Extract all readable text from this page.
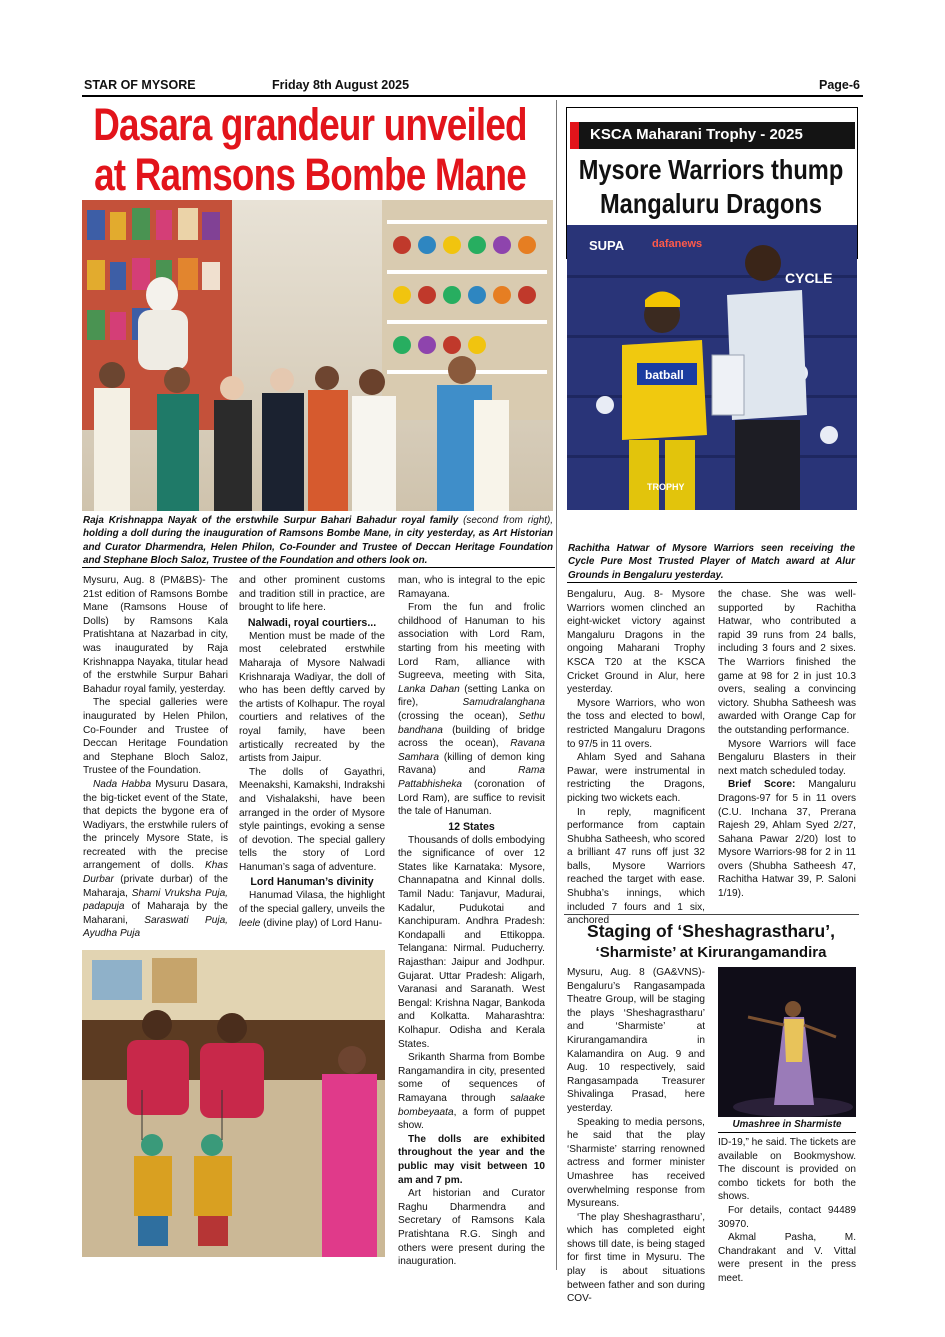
STAR OF MYSORE	Friday 8th August 2025	Page-6
Dasara grandeur unveiled
at Ramsons Bombe Mane
Raja Krishnappa Nayak of the erstwhile Surpur Bahari Bahadur royal family (second from right), holding a doll during the inauguration of Ramsons Bombe Mane, in city yesterday, as Art Historian and Curator Dharmendra, Helen Philon, Co-Founder and Trustee of Deccan Heritage Foundation and Stephane Bloch Saloz, Trustee of the Foundation and others look on.

Mysuru, Aug. 8 (PM&BS)- The 21st edition of Ramsons Bombe Mane (Ramsons House of Dolls) by Ramsons Kala Pratishtana at Nazarbad in city, was inaugurated by Raja Krishnappa Nayaka, titular head of the erstwhile Surpur Bahari Bahadur royal family, yesterday.

The special galleries were inaugurated by Helen Philon, Co-Founder and Trustee of Deccan Heritage Foundation and Stephane Bloch Saloz, Trustee of the Foundation.

Nada Habba Mysuru Dasara, the big-ticket event of the State, that depicts the bygone era of Wadiyars, the erstwhile rulers of the princely Mysore State, is recreated with the precise arrangement of dolls. Khas Durbar (private durbar) of the Maharaja, Shami Vruksha Puja, padapuja of Maharaja by the Maharani, Saraswati Puja, Ayudha Puja

and other prominent customs and tradition still in practice, are brought to life here.

Nalwadi, royal courtiers...

Mention must be made of the most celebrated erstwhile Maharaja of Mysore Nalwadi Krishnaraja Wadiyar, the doll of who has been deftly carved by the artists of Kolhapur. The royal courtiers and relatives of the royal family, have been artistically recreated by the artists from Jaipur.

The dolls of Gayathri, Meenakshi, Kamakshi, Indrakshi and Vishalakshi, have been arranged in the order of Mysore style paintings, evoking a sense of devotion. The special gallery tells the story of Lord Hanuman’s saga of adventure.

Lord Hanuman’s divinity

Hanumad Vilasa, the highlight of the special gallery, unveils the leele (divine play) of Lord Hanu-

man, who is integral to the epic Ramayana.

From the fun and frolic childhood of Hanuman to his association with Lord Ram, starting from his meeting with Lord Ram, alliance with Sugreeva, meeting with Sita, Lanka Dahan (setting Lanka on fire), Samudralanghana (crossing the ocean), Sethu bandhana (building of bridge across the ocean), Ravana Samhara (killing of demon king Ravana) and Rama Pattabhisheka (coronation of Lord Ram), are suffice to revisit the tale of Hanuman.

12 States

Thousands of dolls embodying the significance of over 12 States like Karnataka: Mysore, Channapatna and Kinnal dolls. Tamil Nadu: Tanjavur, Madurai, Kadalur, Pudukotai and Kanchipuram. Andhra Pradesh: Kondapalli and Ettikoppa. Telangana: Nirmal. Puducherry. Rajasthan: Jaipur and Jodhpur. Gujarat. Uttar Pradesh: Aligarh, Varanasi and Saranath. West Bengal: Krishna Nagar, Bankoda and Kolkatta. Maharashtra: Kolhapur. Odisha and Kerala States.

Srikanth Sharma from Bombe Rangamandira in city, presented some of sequences of Ramayana through salaake bombeyaata, a form of puppet show.

The dolls are exhibited throughout the year and the public may visit between 10 am and 7 pm.

Art historian and Curator Raghu Dharmendra and Secretary of Ramsons Kala Pratishtana R.G. Singh and others were present during the inauguration.

KSCA Maharani Trophy - 2025
Mysore Warriors thump
Mangaluru Dragons
SUPA	dafanews
CYCLE
batball
TROPHY
Rachitha Hatwar of Mysore Warriors seen receiving the Cycle Pure Most Trusted Player of Match award at Alur Grounds in Bengaluru yesterday.

Bengaluru, Aug. 8- Mysore Warriors women clinched an eight-wicket victory against Mangaluru Dragons in the ongoing Maharani Trophy KSCA T20 at the KSCA Cricket Ground in Alur, here yesterday.

Mysore Warriors, who won the toss and elected to bowl, restricted Mangaluru Dragons to 97/5 in 11 overs.

Ahlam Syed and Sahana Pawar, were instrumental in restricting the Dragons, picking two wickets each.

In reply, magnificent performance from captain Shubha Satheesh, who scored a brilliant 47 runs off just 32 balls, Mysore Warriors reached the target with ease. Shubha’s innings, which included 7 fours and 1 six, anchored

the chase. She was well-supported by Rachitha Hatwar, who contributed a rapid 39 runs from 24 balls, including 3 fours and 2 sixes. The Warriors finished the game at 98 for 2 in just 10.3 overs, sealing a convincing victory. Shubha Satheesh was awarded with Orange Cap for the outstanding performance.

Mysore Warriors will face Bengaluru Blasters in their next match scheduled today.

Brief Score: Mangaluru Dragons-97 for 5 in 11 overs (C.U. Inchana 37, Prerana Rajesh 29, Ahlam Syed 2/27, Sahana Pawar 2/20) lost to Mysore Warriors-98 for 2 in 11 overs (Shubha Satheesh 47, Rachitha Hatwar 39, P. Saloni 1/19).

Staging of ‘Sheshagrastharu’,
‘Sharmiste’ at Kirurangamandira

Mysuru, Aug. 8 (GA&VNS)- Bengaluru’s Rangasampada Theatre Group, will be staging the plays ‘Sheshagrastharu’ and ‘Sharmiste’ at Kirurangamandira in Kalamandira on Aug. 9 and Aug. 10 respectively, said Rangasampada Treasurer Shivalinga Prasad, here yesterday.

Speaking to media persons, he said that the play ‘Sharmiste’ starring renowned actress and former minister Umashree has received overwhelming response from Mysureans.

‘The play Sheshagrastharu’, which has completed eight shows till date, is being staged for first time in Mysuru. The play is about situations between father and son during COV-

Umashree in Sharmiste

ID-19,” he said. The tickets are available on Bookmyshow. The discount is provided on combo tickets for both the shows.

For details, contact 94489 30970.

Akmal Pasha, M. Chandrakant and V. Vittal were present in the press meet.
